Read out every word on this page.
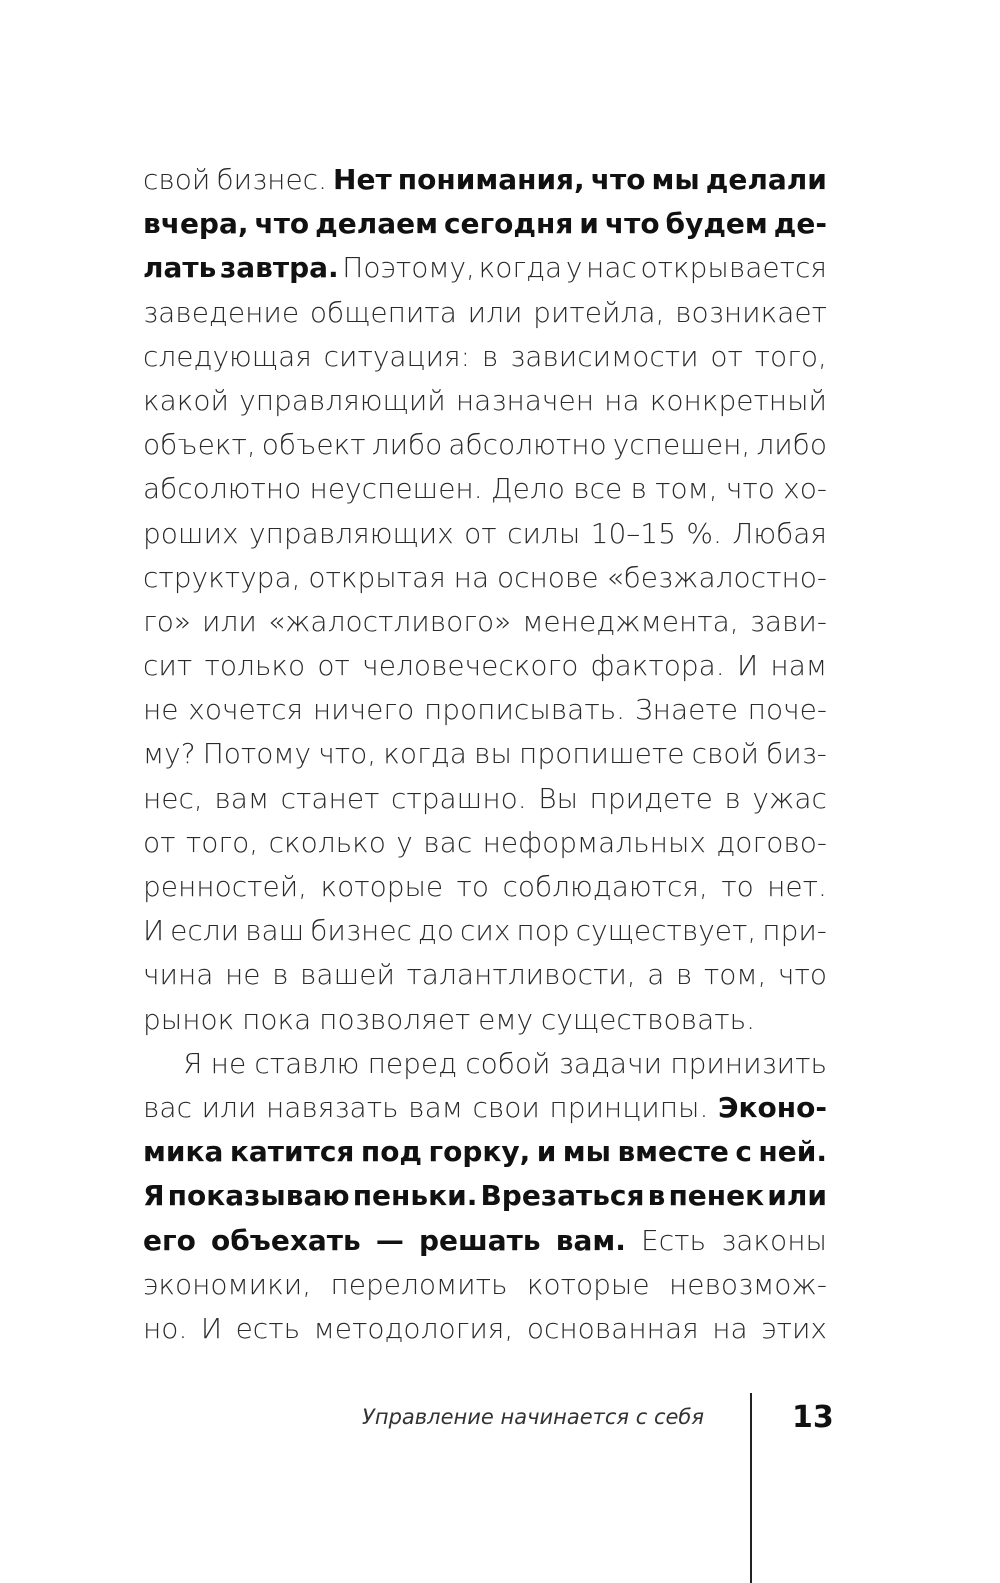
свой бизнес. Нет понимания, что мы делали
вчера, что делаем сегодня и что будем де-
лать завтра. Поэтому, когда у нас открывается
заведение общепита или ритейла, возникает
следующая ситуация: в зависимости от того,
какой управляющий назначен на конкретный
объект, объект либо абсолютно успешен, либо
абсолютно неуспешен. Дело все в том, что хо-
роших управляющих от силы 10–15 %. Любая
структура, открытая на основе «безжалостно-
го» или «жалостливого» менеджмента, зави-
сит только от человеческого фактора. И нам
не хочется ничего прописывать. Знаете поче-
му? Потому что, когда вы пропишете свой биз-
нес, вам станет страшно. Вы придете в ужас
от того, сколько у вас неформальных догово-
ренностей, которые то соблюдаются, то нет.
И если ваш бизнес до сих пор существует, при-
чина не в вашей талантливости, а в том, что
рынок пока позволяет ему существовать.
Я не ставлю перед собой задачи принизить
вас или навязать вам свои принципы. Эконо-
мика катится под горку, и мы вместе с ней.
Я показываю пеньки. Врезаться в пенек или
его объехать — решать вам. Есть законы
экономики, переломить которые невозмож-
но. И есть методология, основанная на этих
Управление начинается с себя	13
